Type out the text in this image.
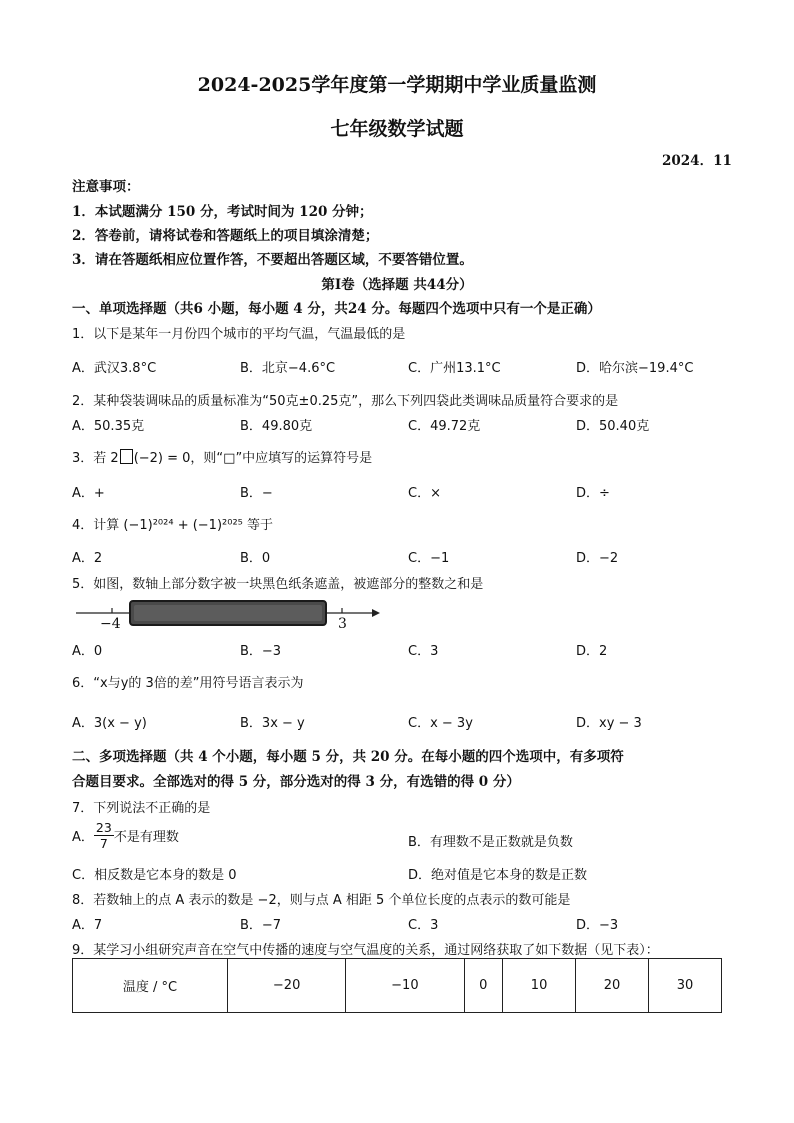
2024-2025学年度第一学期期中学业质量监测
七年级数学试题
2024．11
注意事项：
1．本试题满分 150 分，考试时间为 120 分钟；
2．答卷前，请将试卷和答题纸上的项目填涂清楚；
3．请在答题纸相应位置作答，不要超出答题区域，不要答错位置。
第Ⅰ卷（选择题 共44分）
一、单项选择题（共6 小题，每小题 4 分，共24 分。每题四个选项中只有一个是正确）
1．以下是某年一月份四个城市的平均气温，气温最低的是
A．武汉3.8°C	B．北京−4.6°C	C．广州13.1°C	D．哈尔滨−19.4°C
2．某种袋装调味品的质量标准为“50克±0.25克”，那么下列四袋此类调味品质量符合要求的是
A．50.35克	B．49.80克	C．49.72克	D．50.40克
3．若 2 (−2) = 0，则“□”中应填写的运算符号是
A．+	B．−	C．×	D．÷
4．计算 (−1)²⁰²⁴ + (−1)²⁰²⁵ 等于
A．2	B．0	C．−1	D．−2
5．如图，数轴上部分数字被一块黑色纸条遮盖，被遮部分的整数之和是
−4	3
A．0	B．−3	C．3	D．2
6．“x与y的 3倍的差”用符号语言表示为
A．3(x − y)	B．3x − y	C．x − 3y	D．xy − 3
二、多项选择题（共 4 个小题，每小题 5 分，共 20 分。在每小题的四个选项中，有多项符
合题目要求。全部选对的得 5 分，部分选对的得 3 分，有选错的得 0 分）
7．下列说法不正确的是
A． $\frac{23}{7}$ 不是有理数	B．有理数不是正数就是负数
C．相反数是它本身的数是 0	D．绝对值是它本身的数是正数
8．若数轴上的点 A 表示的数是 −2，则与点 A 相距 5 个单位长度的点表示的数可能是
A．7	B．−7	C．3	D．−3
9．某学习小组研究声音在空气中传播的速度与空气温度的关系，通过网络获取了如下数据（见下表）：
温度 / °C	−20	−10	0	10	20	30
